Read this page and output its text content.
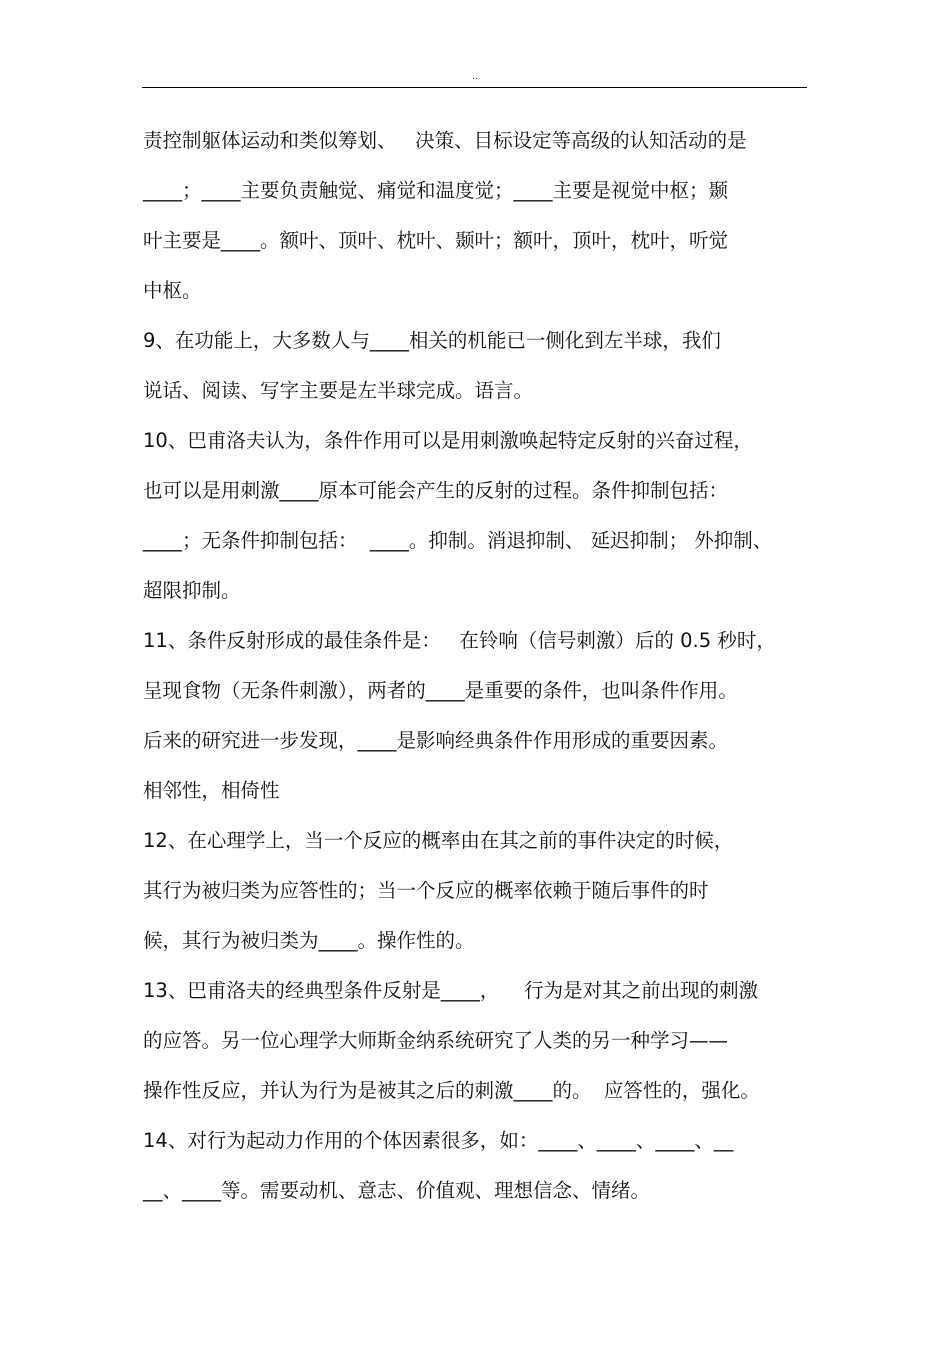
..
责控制躯体运动和类似筹划、   决策、目标设定等高级的认知活动的是
____；____主要负责触觉、痛觉和温度觉；____主要是视觉中枢；颞
叶主要是____。额叶、顶叶、枕叶、颞叶；额叶，顶叶，枕叶，听觉
中枢。
9、在功能上，大多数人与____相关的机能已一侧化到左半球，我们
说话、阅读、写字主要是左半球完成。语言。
10、巴甫洛夫认为，条件作用可以是用刺激唤起特定反射的兴奋过程，
也可以是用刺激____原本可能会产生的反射的过程。条件抑制包括：
____；无条件抑制包括：  ____。抑制。消退抑制、 延迟抑制； 外抑制、
超限抑制。
11、条件反射形成的最佳条件是：   在铃响（信号刺激）后的 0.5 秒时，
呈现食物（无条件刺激），两者的____是重要的条件，也叫条件作用。
后来的研究进一步发现，____是影响经典条件作用形成的重要因素。
相邻性，相倚性
12、在心理学上，当一个反应的概率由在其之前的事件决定的时候，
其行为被归类为应答性的；当一个反应的概率依赖于随后事件的时
候，其行为被归类为____。操作性的。
13、巴甫洛夫的经典型条件反射是____，    行为是对其之前出现的刺激
的应答。另一位心理学大师斯金纳系统研究了人类的另一种学习——
操作性反应，并认为行为是被其之后的刺激____的。  应答性的，强化。
14、对行为起动力作用的个体因素很多，如：____、____、____、__
__、____等。需要动机、意志、价值观、理想信念、情绪。
